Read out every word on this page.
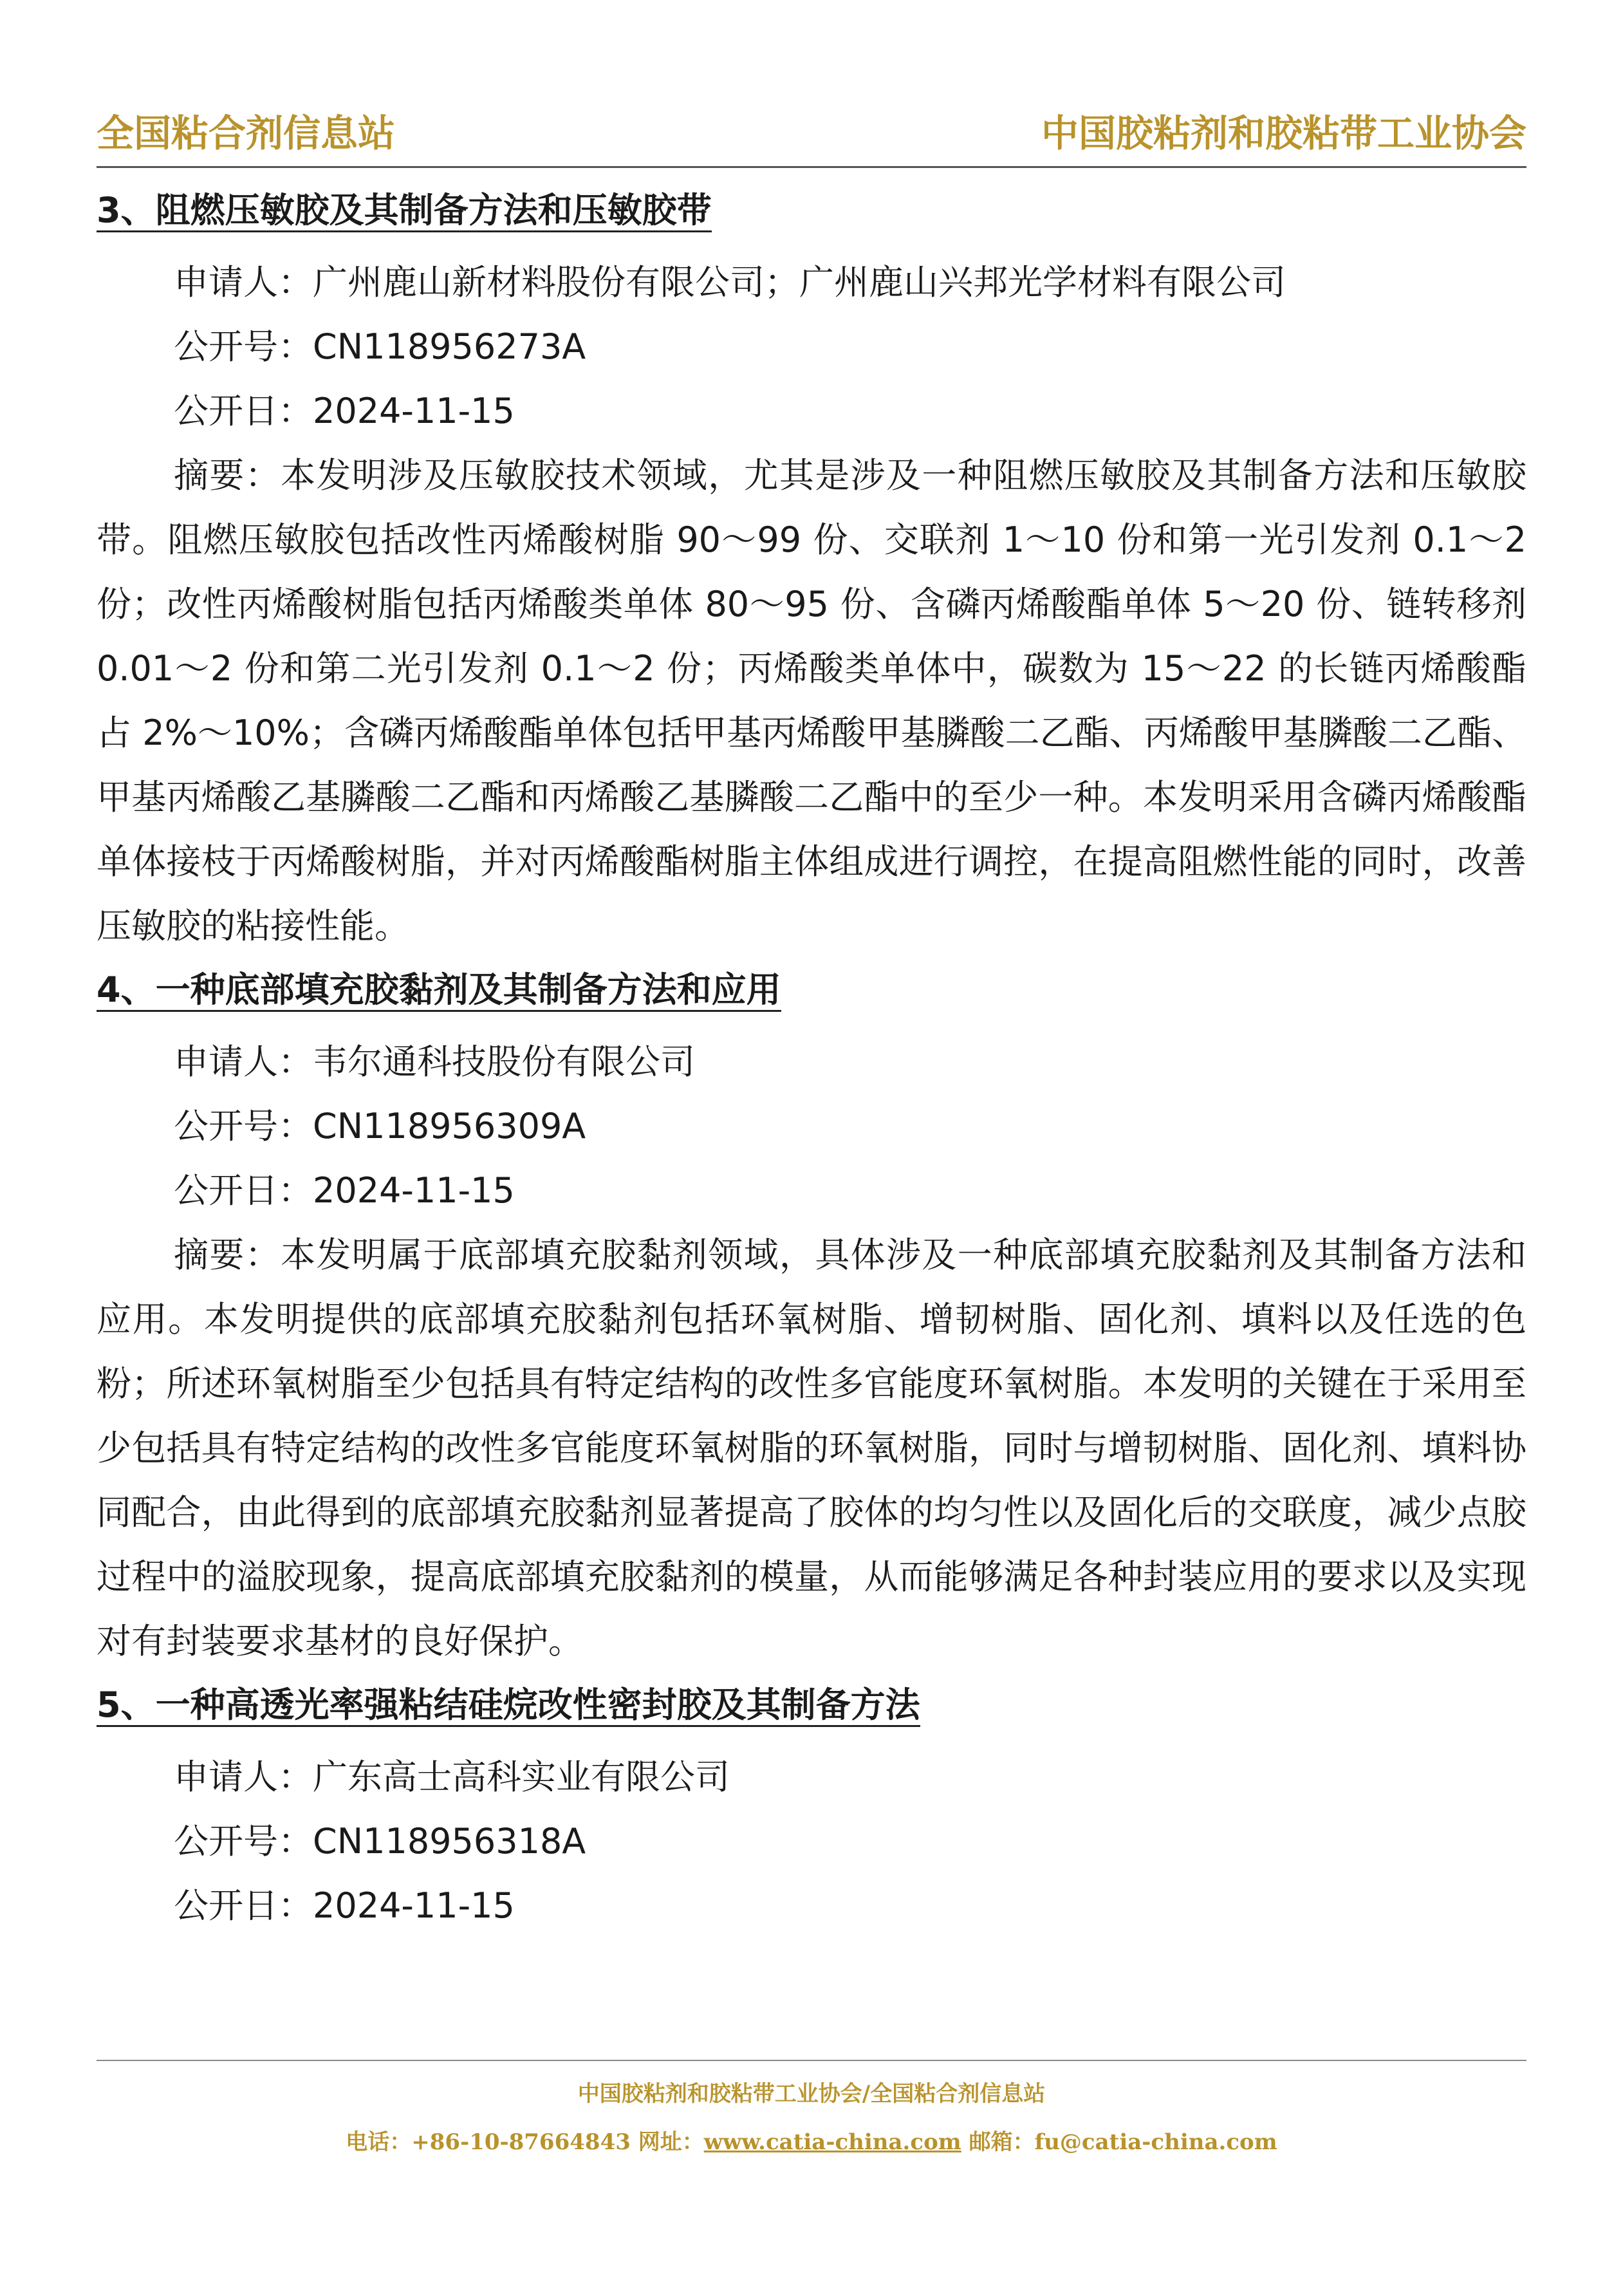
全国粘合剂信息站	中国胶粘剂和胶粘带工业协会
3、阻燃压敏胶及其制备方法和压敏胶带

申请人：广州鹿山新材料股份有限公司；广州鹿山兴邦光学材料有限公司

公开号：CN118956273A

公开日：2024-11-15

摘要：本发明涉及压敏胶技术领域，尤其是涉及一种阻燃压敏胶及其制备方法和压敏胶带。阻燃压敏胶包括改性丙烯酸树脂 90～99 份、交联剂 1～10 份和第一光引发剂 0.1～2 份；改性丙烯酸树脂包括丙烯酸类单体 80～95 份、含磷丙烯酸酯单体 5～20 份、链转移剂 0.01～2 份和第二光引发剂 0.1～2 份；丙烯酸类单体中，碳数为 15～22 的长链丙烯酸酯占 2%～10%；含磷丙烯酸酯单体包括甲基丙烯酸甲基膦酸二乙酯、丙烯酸甲基膦酸二乙酯、甲基丙烯酸乙基膦酸二乙酯和丙烯酸乙基膦酸二乙酯中的至少一种。本发明采用含磷丙烯酸酯单体接枝于丙烯酸树脂，并对丙烯酸酯树脂主体组成进行调控，在提高阻燃性能的同时，改善压敏胶的粘接性能。

4、一种底部填充胶黏剂及其制备方法和应用

申请人：韦尔通科技股份有限公司

公开号：CN118956309A

公开日：2024-11-15

摘要：本发明属于底部填充胶黏剂领域，具体涉及一种底部填充胶黏剂及其制备方法和应用。本发明提供的底部填充胶黏剂包括环氧树脂、增韧树脂、固化剂、填料以及任选的色粉；所述环氧树脂至少包括具有特定结构的改性多官能度环氧树脂。本发明的关键在于采用至少包括具有特定结构的改性多官能度环氧树脂的环氧树脂，同时与增韧树脂、固化剂、填料协同配合，由此得到的底部填充胶黏剂显著提高了胶体的均匀性以及固化后的交联度，减少点胶过程中的溢胶现象，提高底部填充胶黏剂的模量，从而能够满足各种封装应用的要求以及实现对有封装要求基材的良好保护。

5、一种高透光率强粘结硅烷改性密封胶及其制备方法

申请人：广东高士高科实业有限公司

公开号：CN118956318A

公开日：2024-11-15

中国胶粘剂和胶粘带工业协会/全国粘合剂信息站
电话：+86-10-87664843 网址：www.catia-china.com 邮箱：fu@catia-china.com
